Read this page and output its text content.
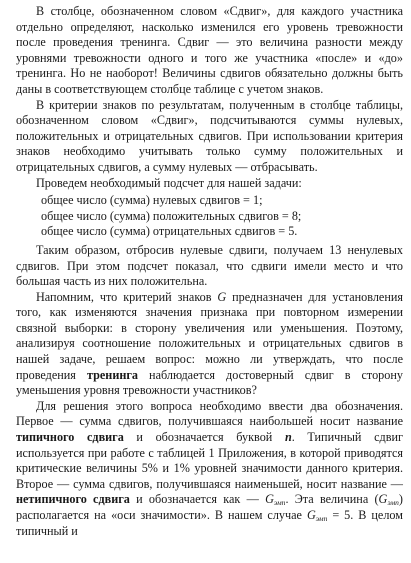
В столбце, обозначенном словом «Сдвиг», для каждого участника отдельно определяют, насколько изменился его уровень тревожности после проведения тренинга. Сдвиг — это величина разности между уровнями тревожности одного и того же участника «после» и «до» тренинга. Но не наоборот! Величины сдвигов обязательно должны быть даны в соответствующем столбце таблице с учетом знаков.

В критерии знаков по результатам, полученным в столбце таблицы, обозначенном словом «Сдвиг», подсчитываются суммы нулевых, положительных и отрицательных сдвигов. При использовании критерия знаков необходимо учитывать только сумму положительных и отрицательных сдвигов, а сумму нулевых — отбрасывать.

Проведем необходимый подсчет для нашей задачи:

общее число (сумма) нулевых сдвигов = 1;
общее число (сумма) положительных сдвигов = 8;
общее число (сумма) отрицательных сдвигов = 5.

Таким образом, отбросив нулевые сдвиги, получаем 13 ненулевых сдвигов. При этом подсчет показал, что сдвиги имели место и что большая часть из них положительна.

Напомним, что критерий знаков G предназначен для установления того, как изменяются значения признака при повторном измерении связной выборки: в сторону увеличения или уменьшения. Поэтому, анализируя соотношение положительных и отрицательных сдвигов в нашей задаче, решаем вопрос: можно ли утверждать, что после проведения тренинга наблюдается достоверный сдвиг в сторону уменьшения уровня тревожности участников?

Для решения этого вопроса необходимо ввести два обозначения. Первое — сумма сдвигов, получившаяся наибольшей носит название типичного сдвига и обозначается буквой n. Типичный сдвиг используется при работе с таблицей 1 Приложения, в которой приводятся критические величины 5% и 1% уровней значимости данного критерия. Второе — сумма сдвигов, получившаяся наименьшей, носит название — нетипичного сдвига и обозначается как — $G_{эмп}$. Эта величина $(G_{эмп})$ располагается на «оси значимости». В нашем случае $G_{эмп} = 5$. В целом типичный и
